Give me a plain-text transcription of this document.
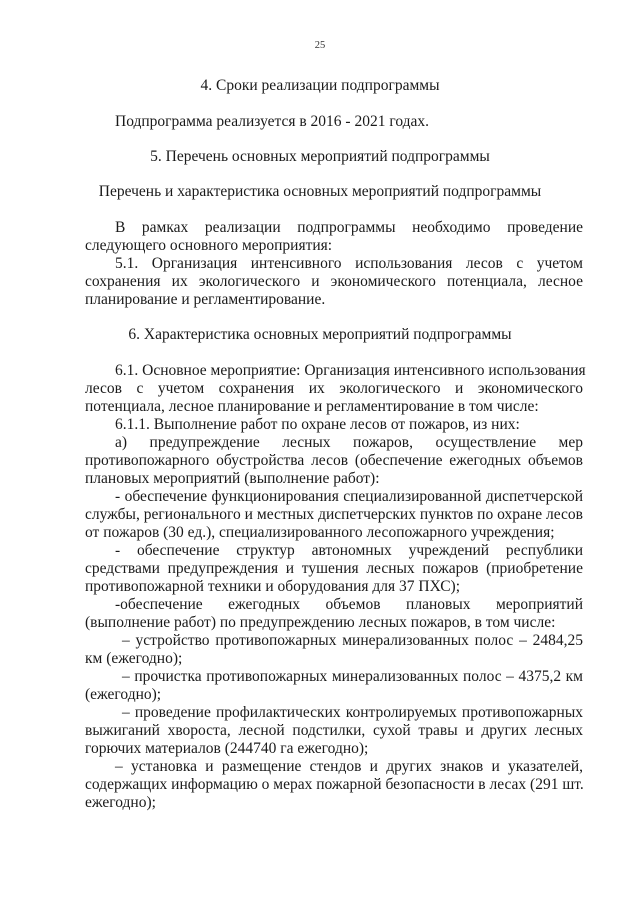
25
4. Сроки реализации подпрограммы
Подпрограмма реализуется в 2016 - 2021 годах.
5. Перечень основных мероприятий подпрограммы
Перечень и характеристика основных мероприятий подпрограммы
В рамках реализации подпрограммы необходимо проведение
следующего основного мероприятия:
5.1. Организация интенсивного использования лесов с учетом
сохранения их экологического и экономического потенциала, лесное
планирование и регламентирование.
6. Характеристика основных мероприятий подпрограммы
6.1. Основное мероприятие: Организация интенсивного использования
лесов с учетом сохранения их экологического и экономического
потенциала, лесное планирование и регламентирование в том числе:
6.1.1. Выполнение работ по охране лесов от пожаров, из них:
а) предупреждение лесных пожаров, осуществление мер
противопожарного обустройства лесов (обеспечение ежегодных объемов
плановых мероприятий (выполнение работ):
- обеспечение функционирования специализированной диспетчерской
службы, регионального и местных диспетчерских пунктов по охране лесов
от пожаров (30 ед.), специализированного лесопожарного учреждения;
- обеспечение структур автономных учреждений республики
средствами предупреждения и тушения лесных пожаров (приобретение
противопожарной техники и оборудования для 37 ПХС);
-обеспечение ежегодных объемов плановых мероприятий
(выполнение работ) по предупреждению лесных пожаров, в том числе:
– устройство противопожарных минерализованных полос – 2484,25
км (ежегодно);
– прочистка противопожарных минерализованных полос – 4375,2 км
(ежегодно);
– проведение профилактических контролируемых противопожарных
выжиганий хвороста, лесной подстилки, сухой травы и других лесных
горючих материалов (244740 га ежегодно);
– установка и размещение стендов и других знаков и указателей,
содержащих информацию о мерах пожарной безопасности в лесах (291 шт.
ежегодно);
